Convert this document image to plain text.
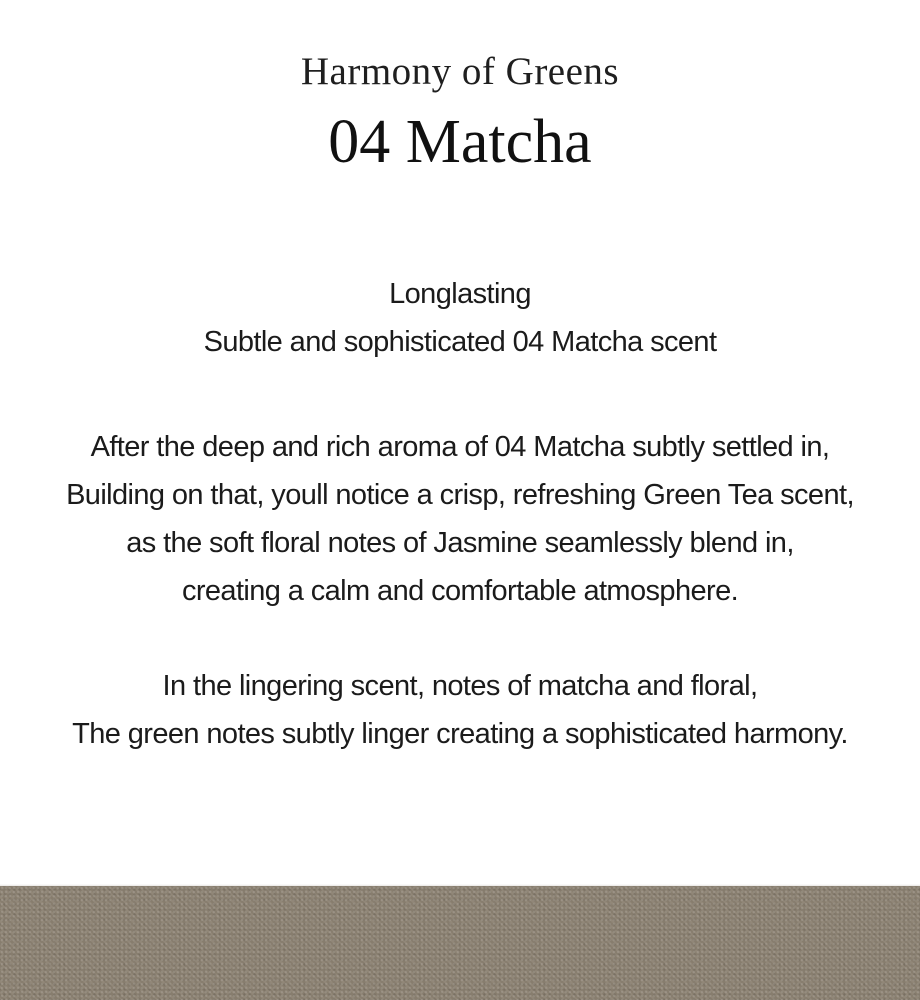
Harmony of Greens
04 Matcha
Longlasting
Subtle and sophisticated 04 Matcha scent
After the deep and rich aroma of 04 Matcha subtly settled in,
Building on that, youll notice a crisp, refreshing Green Tea scent,
as the soft floral notes of Jasmine seamlessly blend in,
creating a calm and comfortable atmosphere.
In the lingering scent, notes of matcha and floral,
The green notes subtly linger creating a sophisticated harmony.
